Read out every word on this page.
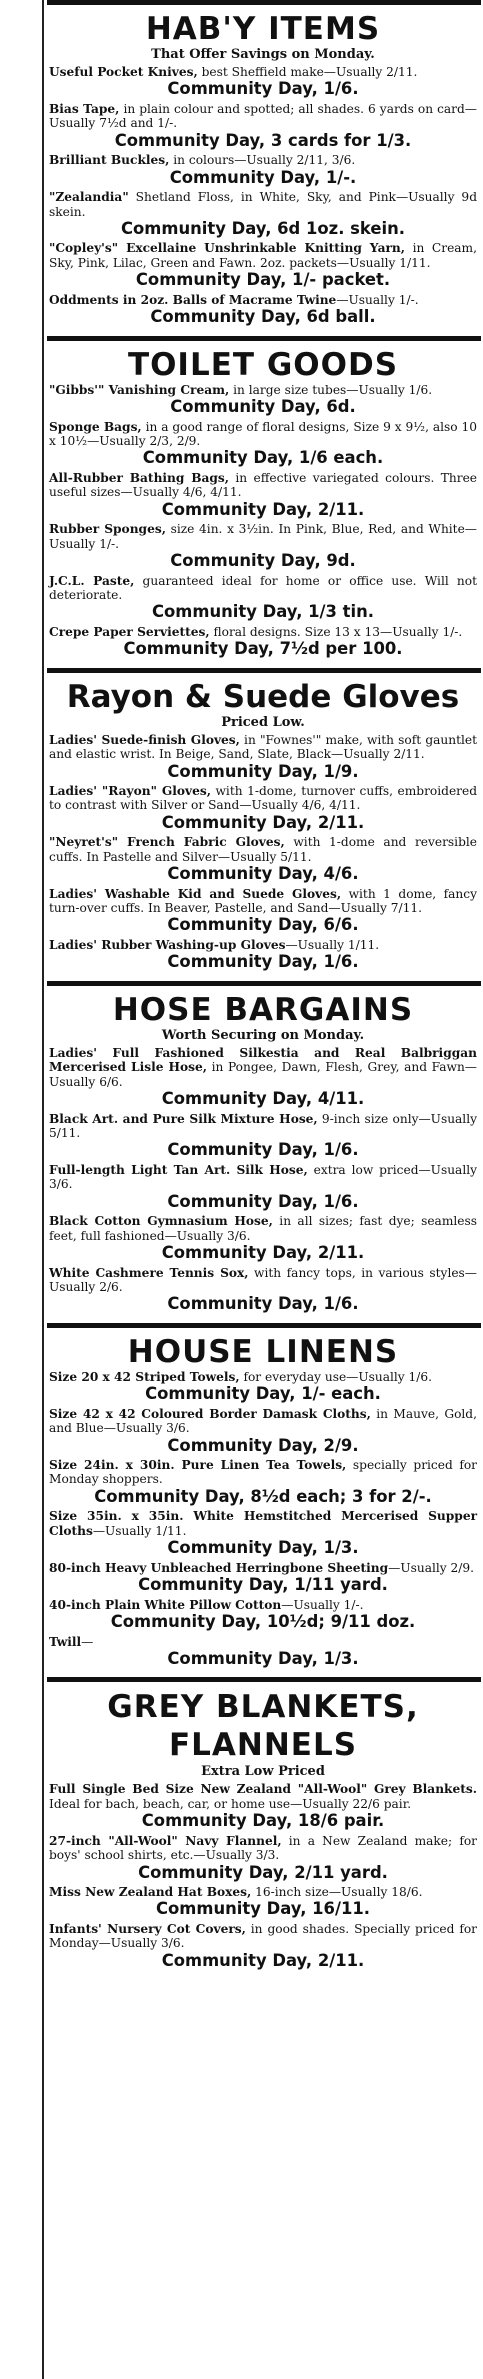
HAB'Y ITEMS
That Offer Savings on Monday.

Useful Pocket Knives, best Sheffield make—Usually 2/11.

Community Day, 1/6.

Bias Tape, in plain colour and spotted; all shades. 6 yards on card—Usually 7½d and 1/-.

Community Day, 3 cards for 1/3.

Brilliant Buckles, in colours—Usually 2/11, 3/6.

Community Day, 1/-.

"Zealandia" Shetland Floss, in White, Sky, and Pink—Usually 9d skein.

Community Day, 6d 1oz. skein.

"Copley's" Excellaine Unshrinkable Knitting Yarn, in Cream, Sky, Pink, Lilac, Green and Fawn. 2oz. packets—Usually 1/11.

Community Day, 1/- packet.

Oddments in 2oz. Balls of Macrame Twine—Usually 1/-.

Community Day, 6d ball.
TOILET GOODS

"Gibbs'" Vanishing Cream, in large size tubes—Usually 1/6.

Community Day, 6d.

Sponge Bags, in a good range of floral designs, Size 9 x 9½, also 10 x 10½—Usually 2/3, 2/9.

Community Day, 1/6 each.

All-Rubber Bathing Bags, in effective variegated colours. Three useful sizes—Usually 4/6, 4/11.

Community Day, 2/11.

Rubber Sponges, size 4in. x 3½in. In Pink, Blue, Red, and White—Usually 1/-.

Community Day, 9d.

J.C.L. Paste, guaranteed ideal for home or office use. Will not deteriorate.

Community Day, 1/3 tin.

Crepe Paper Serviettes, floral designs. Size 13 x 13—Usually 1/-.

Community Day, 7½d per 100.
Rayon & Suede Gloves
Priced Low.

Ladies' Suede-finish Gloves, in "Fownes'" make, with soft gauntlet and elastic wrist. In Beige, Sand, Slate, Black—Usually 2/11.

Community Day, 1/9.

Ladies' "Rayon" Gloves, with 1-dome, turnover cuffs, embroidered to contrast with Silver or Sand—Usually 4/6, 4/11.

Community Day, 2/11.

"Neyret's" French Fabric Gloves, with 1-dome and reversible cuffs. In Pastelle and Silver—Usually 5/11.

Community Day, 4/6.

Ladies' Washable Kid and Suede Gloves, with 1 dome, fancy turn-over cuffs. In Beaver, Pastelle, and Sand—Usually 7/11.

Community Day, 6/6.

Ladies' Rubber Washing-up Gloves—Usually 1/11.

Community Day, 1/6.
HOSE BARGAINS
Worth Securing on Monday.

Ladies' Full Fashioned Silkestia and Real Balbriggan Mercerised Lisle Hose, in Pongee, Dawn, Flesh, Grey, and Fawn—Usually 6/6.

Community Day, 4/11.

Black Art. and Pure Silk Mixture Hose, 9-inch size only—Usually 5/11.

Community Day, 1/6.

Full-length Light Tan Art. Silk Hose, extra low priced—Usually 3/6.

Community Day, 1/6.

Black Cotton Gymnasium Hose, in all sizes; fast dye; seamless feet, full fashioned—Usually 3/6.

Community Day, 2/11.

White Cashmere Tennis Sox, with fancy tops, in various styles—Usually 2/6.

Community Day, 1/6.
HOUSE LINENS

Size 20 x 42 Striped Towels, for everyday use—Usually 1/6.

Community Day, 1/- each.

Size 42 x 42 Coloured Border Damask Cloths, in Mauve, Gold, and Blue—Usually 3/6.

Community Day, 2/9.

Size 24in. x 30in. Pure Linen Tea Towels, specially priced for Monday shoppers.

Community Day, 8½d each; 3 for 2/-.

Size 35in. x 35in. White Hemstitched Mercerised Supper Cloths—Usually 1/11.

Community Day, 1/3.

80-inch Heavy Unbleached Herringbone Sheeting—Usually 2/9.

Community Day, 1/11 yard.

40-inch Plain White Pillow Cotton—Usually 1/-.

Community Day, 10½d; 9/11 doz.

Twill—

Community Day, 1/3.
GREY BLANKETS, FLANNELS
Extra Low Priced

Full Single Bed Size New Zealand "All-Wool" Grey Blankets. Ideal for bach, beach, car, or home use—Usually 22/6 pair.

Community Day, 18/6 pair.

27-inch "All-Wool" Navy Flannel, in a New Zealand make; for boys' school shirts, etc.—Usually 3/3.

Community Day, 2/11 yard.

Miss New Zealand Hat Boxes, 16-inch size—Usually 18/6.

Community Day, 16/11.

Infants' Nursery Cot Covers, in good shades. Specially priced for Monday—Usually 3/6.

Community Day, 2/11.
